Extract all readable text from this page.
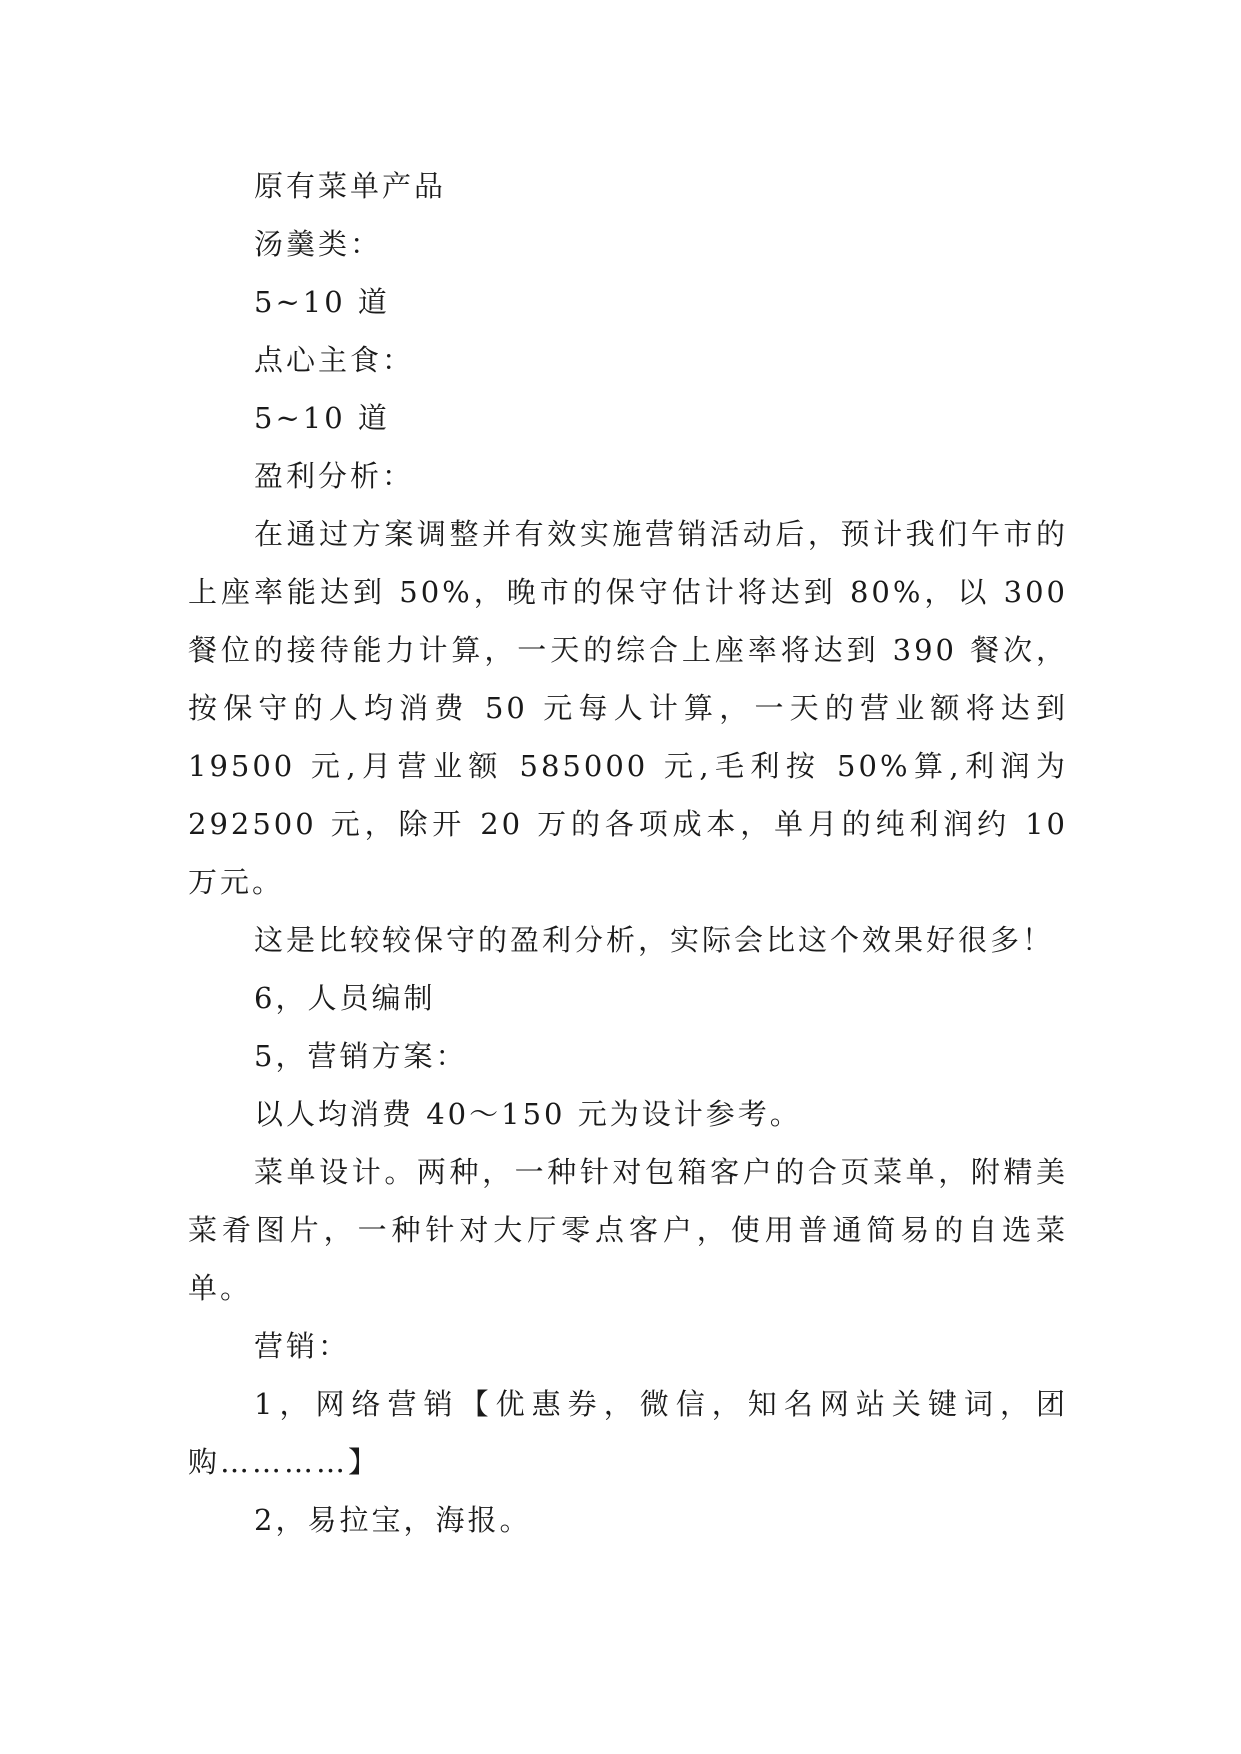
原有菜单产品

汤羹类：

5~10 道

点心主食：

5~10 道

盈利分析：

在通过方案调整并有效实施营销活动后，预计我们午市的上座率能达到 50%，晚市的保守估计将达到 80%，以 300 餐位的接待能力计算，一天的综合上座率将达到 390 餐次，按保守的人均消费 50 元每人计算，一天的营业额将达到 19500 元,月营业额 585000 元,毛利按 50%算,利润为 292500 元，除开 20 万的各项成本，单月的纯利润约 10 万元。

这是比较较保守的盈利分析，实际会比这个效果好很多！

6，人员编制

5，营销方案：

以人均消费 40～150 元为设计参考。

菜单设计。两种，一种针对包箱客户的合页菜单，附精美菜肴图片，一种针对大厅零点客户，使用普通简易的自选菜单。

营销：

1，网络营销【优惠券，微信，知名网站关键词，团购…………】

2，易拉宝，海报。
